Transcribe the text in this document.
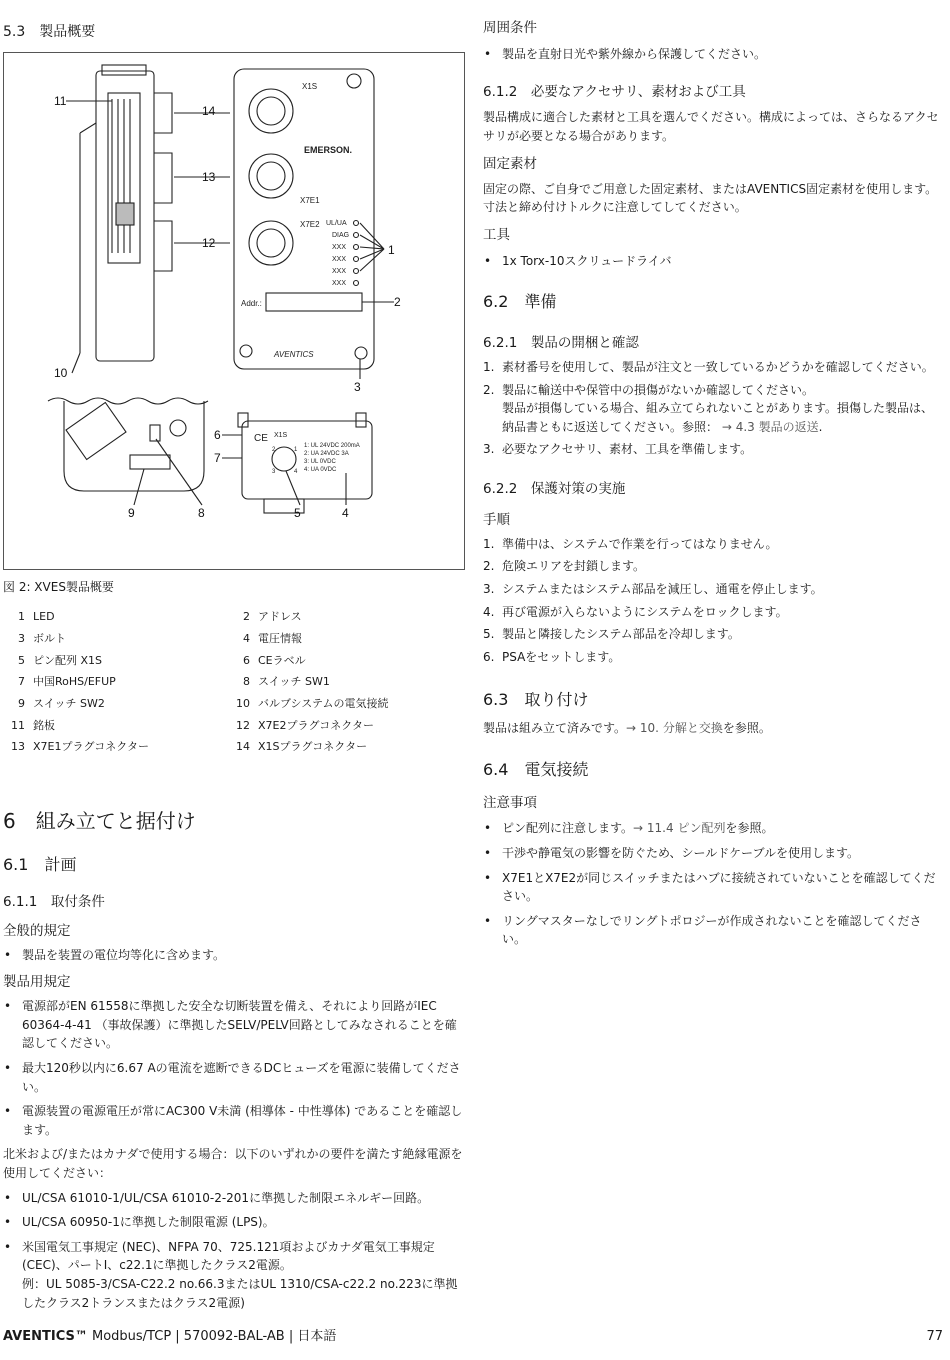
5.3　製品概要
11
14
13
12	1
2
10
3
6
7
9	8	5	4
X1S
EMERSON.
X7E1
X7E2 UL/UA
DIAG
XXX
XXX
XXX
XXX
Addr.:
AVENTICS
CE X1S
2	1
3	4
1: UL 24VDC 200mA
2: UA 24VDC 3A
3: UL 0VDC
4: UA 0VDC
図 2: XVES製品概要
1 LED	2 アドレス
3 ボルト	4 電圧情報
5 ピン配列 X1S	6 CEラベル
7 中国RoHS/EFUP	8 スイッチ SW1
9 スイッチ SW2	10 バルブシステムの電気接続
11 銘板	12 X7E2プラグコネクター
13 X7E1プラグコネクター	14 X1Sプラグコネクター
6　組み立てと据付け
6.1　計画
6.1.1　取付条件
全般的規定
• 製品を装置の電位均等化に含めます。
製品用規定
• 電源部がEN 61558に準拠した安全な切断装置を備え、それにより回路がIEC 60364-4-41 （事故保護）に準拠したSELV/PELV回路としてみなされることを確認してください。
• 最大120秒以内に6.67 Aの電流を遮断できるDCヒューズを電源に装備してください。
• 電源装置の電源電圧が常にAC300 V未満 (相導体 - 中性導体) であることを確認します。

北米および/またはカナダで使用する場合：以下のいずれかの要件を満たす絶縁電源を使用してください：

• UL/CSA 61010-1/UL/CSA 61010-2-201に準拠した制限エネルギー回路。
• UL/CSA 60950-1に準拠した制限電源 (LPS)。
• 米国電気工事規定 (NEC)、NFPA 70、725.121項およびカナダ電気工事規定 (CEC)、パートI、c22.1に準拠したクラス2電源。
例：UL 5085-3/CSA-C22.2 no.66.3またはUL 1310/CSA-c22.2 no.223に準拠したクラス2トランスまたはクラス2電源)
周囲条件
• 製品を直射日光や紫外線から保護してください。
6.1.2　必要なアクセサリ、素材および工具

製品構成に適合した素材と工具を選んでください。構成によっては、さらなるアクセサリが必要となる場合があります。

固定素材

固定の際、ご自身でご用意した固定素材、またはAVENTICS固定素材を使用します。寸法と締め付けトルクに注意してしてください。

工具
• 1x Torx-10スクリュードライバ
6.2　準備
6.2.1　製品の開梱と確認
1. 素材番号を使用して、製品が注文と一致しているかどうかを確認してください。
2. 製品に輸送中や保管中の損傷がないか確認してください。
製品が損傷している場合、組み立てられないことがあります。損傷した製品は、納品書ともに返送してください。参照： → 4.3 製品の返送.
3. 必要なアクセサリ、素材、工具を準備します。
6.2.2　保護対策の実施
手順
1. 準備中は、システムで作業を行ってはなりません。
2. 危険エリアを封鎖します。
3. システムまたはシステム部品を減圧し、通電を停止します。
4. 再び電源が入らないようにシステムをロックします。
5. 製品と隣接したシステム部品を冷却します。
6. PSAをセットします。
6.3　取り付け

製品は組み立て済みです。→ 10. 分解と交換を参照。

6.4　電気接続
注意事項
• ピン配列に注意します。→ 11.4 ピン配列を参照。
• 干渉や静電気の影響を防ぐため、シールドケーブルを使用します。
• X7E1とX7E2が同じスイッチまたはハブに接続されていないことを確認してください。
• リングマスターなしでリングトポロジーが作成されないことを確認してください。
AVENTICS™ Modbus/TCP | 570092-BAL-AB | 日本語	77
